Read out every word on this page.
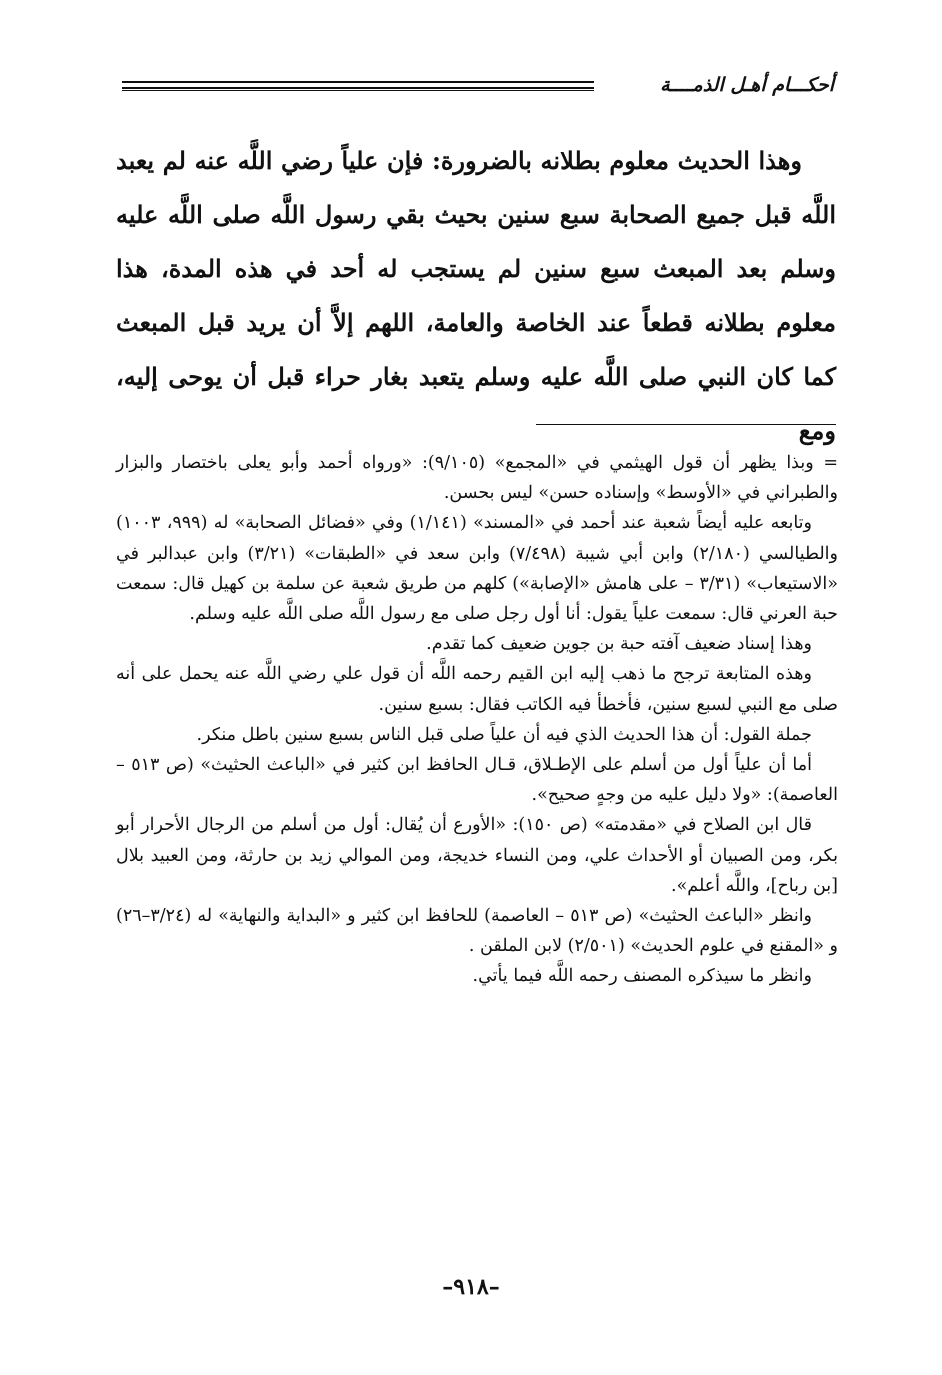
أحكـــام أهـل الذمــــة

وهذا الحديث معلوم بطلانه بالضرورة: فإن علياً رضي اللَّه عنه لم يعبد اللَّه قبل جميع الصحابة سبع سنين بحيث بقي رسول اللَّه صلى اللَّه عليه وسلم بعد المبعث سبع سنين لم يستجب له أحد في هذه المدة، هذا معلوم بطلانه قطعاً عند الخاصة والعامة، اللهم إلاَّ أن يريد قبل المبعث كما كان النبي صلى اللَّه عليه وسلم يتعبد بغار حراء قبل أن يوحى إليه، ومع

= وبذا يظهر أن قول الهيثمي في «المجمع» (٩/١٠٥): «ورواه أحمد وأبو يعلى باختصار والبزار والطبراني في «الأوسط» وإسناده حسن» ليس بحسن.

وتابعه عليه أيضاً شعبة عند أحمد في «المسند» (١/١٤١) وفي «فضائل الصحابة» له (٩٩٩، ١٠٠٣) والطيالسي (٢/١٨٠) وابن أبي شيبة (٧/٤٩٨) وابن سعد في «الطبقات» (٣/٢١) وابن عبدالبر في «الاستيعاب» (٣/٣١ – على هامش «الإصابة») كلهم من طريق شعبة عن سلمة بن كهيل قال: سمعت حبة العرني قال: سمعت علياً يقول: أنا أول رجل صلى مع رسول اللَّه صلى اللَّه عليه وسلم.

وهذا إسناد ضعيف آفته حبة بن جوين ضعيف كما تقدم.

وهذه المتابعة ترجح ما ذهب إليه ابن القيم رحمه اللَّه أن قول علي رضي اللَّه عنه يحمل على أنه صلى مع النبي لسبع سنين، فأخطأ فيه الكاتب فقال: بسبع سنين.

جملة القول: أن هذا الحديث الذي فيه أن علياً صلى قبل الناس بسبع سنين باطل منكر.

أما أن علياً أول من أسلم على الإطـلاق، قـال الحافظ ابن كثير في «الباعث الحثيث» (ص ٥١٣ – العاصمة): «ولا دليل عليه من وجهٍ صحيح».

قال ابن الصلاح في «مقدمته» (ص ١٥٠): «الأورع أن يُقال: أول من أسلم من الرجال الأحرار أبو بكر، ومن الصبيان أو الأحداث علي، ومن النساء خديجة، ومن الموالي زيد بن حارثة، ومن العبيد بلال [بن رباح]، واللَّه أعلم».

وانظر «الباعث الحثيث» (ص ٥١٣ – العاصمة) للحافظ ابن كثير و «البداية والنهاية» له (٣/٢٤–٢٦) و «المقنع في علوم الحديث» (٢/٥٠١) لابن الملقن .

وانظر ما سيذكره المصنف رحمه اللَّه فيما يأتي.

–٩١٨–
